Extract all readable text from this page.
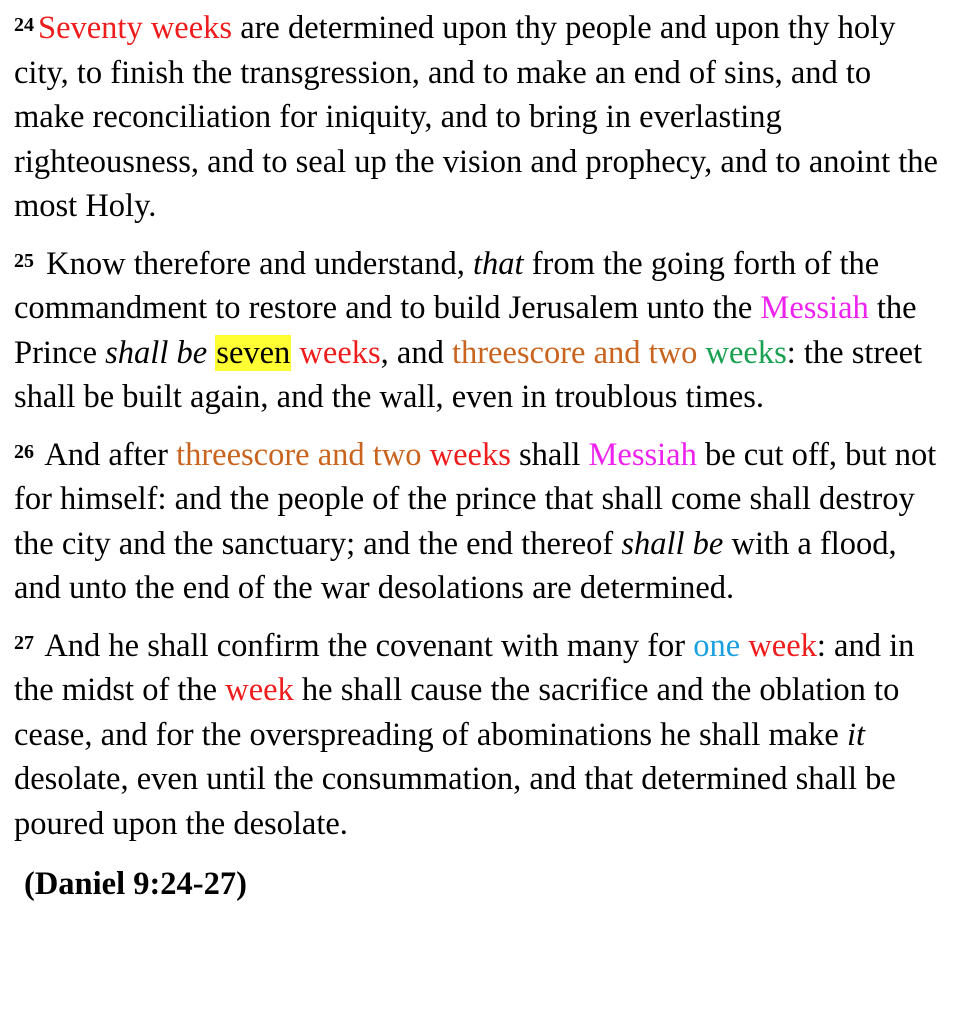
$^{24}$ Seventy weeks are determined upon thy people and upon thy holy city, to finish the transgression, and to make an end of sins, and to make reconciliation for iniquity, and to bring in everlasting righteousness, and to seal up the vision and prophecy, and to anoint the most Holy.

$^{25}$ Know therefore and understand, that from the going forth of the commandment to restore and to build Jerusalem unto the Messiah the Prince shall be seven weeks, and threescore and two weeks: the street shall be built again, and the wall, even in troublous times.

$^{26}$ And after threescore and two weeks shall Messiah be cut off, but not for himself: and the people of the prince that shall come shall destroy the city and the sanctuary; and the end thereof shall be with a flood, and unto the end of the war desolations are determined.

$^{27}$ And he shall confirm the covenant with many for one week: and in the midst of the week he shall cause the sacrifice and the oblation to cease, and for the overspreading of abominations he shall make it desolate, even until the consummation, and that determined shall be poured upon the desolate.

(Daniel 9:24-27)
